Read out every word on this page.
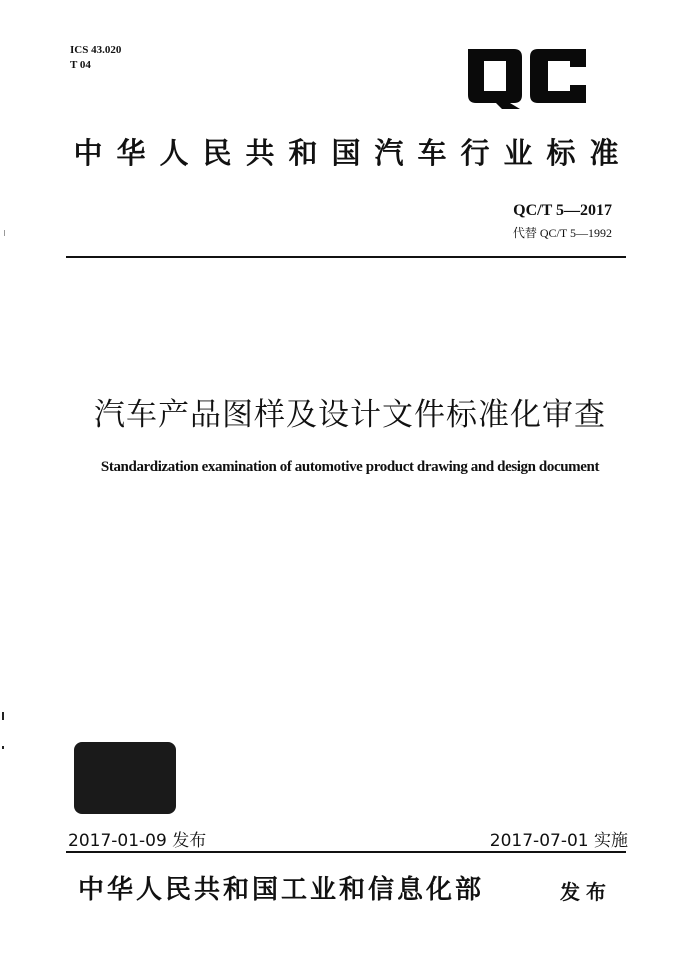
ICS 43.020
T 04
中华人民共和国汽车行业标准
QC/T 5—2017
代替 QC/T 5—1992
汽车产品图样及设计文件标准化审查
Standardization examination of automotive product drawing and design document
2017-01-09 发布	2017-07-01 实施
中华人民共和国工业和信息化部	发布
